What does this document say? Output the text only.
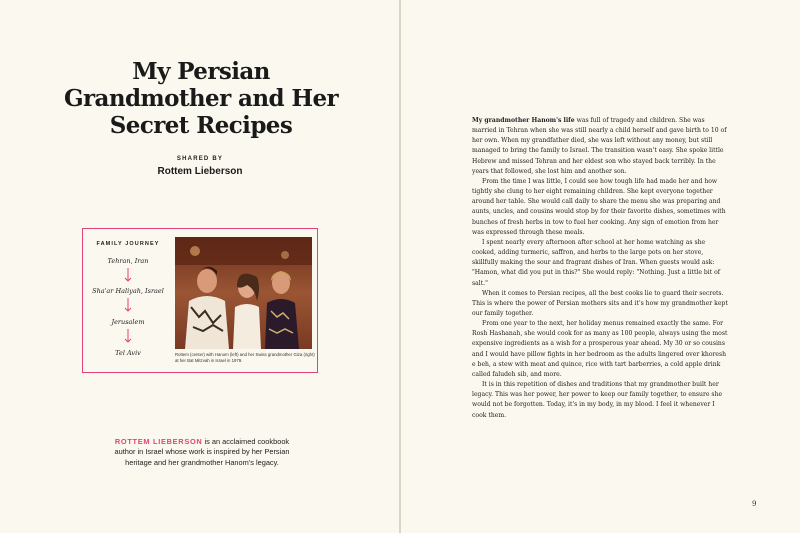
My Persian Grandmother and Her Secret Recipes
SHARED BY
Rottem Lieberson
FAMILY JOURNEY
Tehran, Iran
Sha'ar Haliyah, Israel
Jerusalem
Tel Aviv	Rottem (center) with Hanom (left) and her Swiss grandmother Giza (right) at her Bat Mitzvah in Israel in 1979.
ROTTEM LIEBERSON is an acclaimed cookbook author in Israel whose work is inspired by her Persian heritage and her grandmother Hanom's legacy.

My grandmother Hanom's life was full of tragedy and children. She was married in Tehran when she was still nearly a child herself and gave birth to 10 of her own. When my grandfather died, she was left without any money, but still managed to bring the family to Israel. The transition wasn't easy. She spoke little Hebrew and missed Tehran and her eldest son who stayed back terribly. In the years that followed, she lost him and another son.

From the time I was little, I could see how tough life had made her and how tightly she clung to her eight remaining children. She kept everyone together around her table. She would call daily to share the menu she was preparing and aunts, uncles, and cousins would stop by for their favorite dishes, sometimes with bunches of fresh herbs in tow to fuel her cooking. Any sign of emotion from her was expressed through these meals.

I spent nearly every afternoon after school at her home watching as she cooked, adding turmeric, saffron, and herbs to the large pots on her stove, skillfully making the sour and fragrant dishes of Iran. When guests would ask: "Hamon, what did you put in this?" She would reply: "Nothing. Just a little bit of salt."

When it comes to Persian recipes, all the best cooks lie to guard their secrets. This is where the power of Persian mothers sits and it's how my grandmother kept our family together.

From one year to the next, her holiday menus remained exactly the same. For Rosh Hashanah, she would cook for as many as 100 people, always using the most expensive ingredients as a wish for a prosperous year ahead. My 30 or so cousins and I would have pillow fights in her bedroom as the adults lingered over khoresh e beh, a stew with meat and quince, rice with tart barberries, a cold apple drink called faludeh sib, and more.

It is in this repetition of dishes and traditions that my grandmother built her legacy. This was her power, her power to keep our family together, to ensure she would not be forgotten. Today, it's in my body, in my blood. I feel it whenever I cook them.

9
